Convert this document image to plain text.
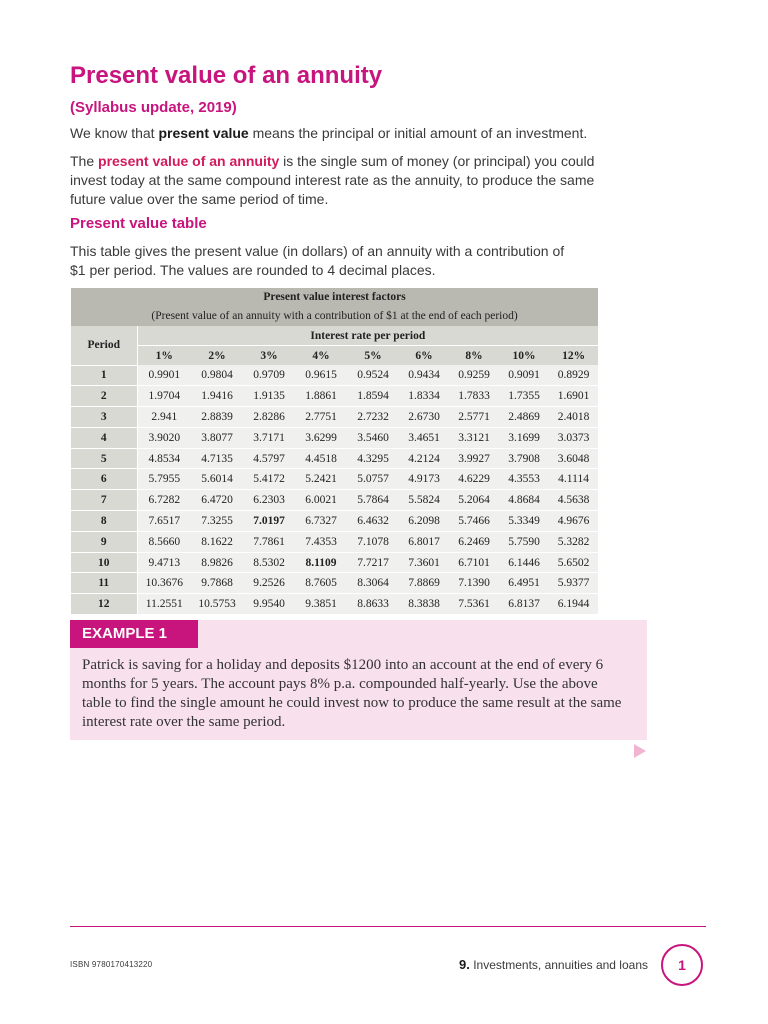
Present value of an annuity
(Syllabus update, 2019)

We know that present value means the principal or initial amount of an investment.

The present value of an annuity is the single sum of money (or principal) you could invest today at the same compound interest rate as the annuity, to produce the same future value over the same period of time.

Present value table

This table gives the present value (in dollars) of an annuity with a contribution of $1 per period. The values are rounded to 4 decimal places.

Present value interest factors									
(Present value of an annuity with a contribution of $1 at the end of each period)									
Period	Interest rate per period								
	1%	2%	3%	4%	5%	6%	8%	10%	12%
1	0.9901	0.9804	0.9709	0.9615	0.9524	0.9434	0.9259	0.9091	0.8929
2	1.9704	1.9416	1.9135	1.8861	1.8594	1.8334	1.7833	1.7355	1.6901
3	2.941	2.8839	2.8286	2.7751	2.7232	2.6730	2.5771	2.4869	2.4018
4	3.9020	3.8077	3.7171	3.6299	3.5460	3.4651	3.3121	3.1699	3.0373
5	4.8534	4.7135	4.5797	4.4518	4.3295	4.2124	3.9927	3.7908	3.6048
6	5.7955	5.6014	5.4172	5.2421	5.0757	4.9173	4.6229	4.3553	4.1114
7	6.7282	6.4720	6.2303	6.0021	5.7864	5.5824	5.2064	4.8684	4.5638
8	7.6517	7.3255	7.0197	6.7327	6.4632	6.2098	5.7466	5.3349	4.9676
9	8.5660	8.1622	7.7861	7.4353	7.1078	6.8017	6.2469	5.7590	5.3282
10	9.4713	8.9826	8.5302	8.1109	7.7217	7.3601	6.7101	6.1446	5.6502
11	10.3676	9.7868	9.2526	8.7605	8.3064	7.8869	7.1390	6.4951	5.9377
12	11.2551	10.5753	9.9540	9.3851	8.8633	8.3838	7.5361	6.8137	6.1944
EXAMPLE 1

Patrick is saving for a holiday and deposits $1200 into an account at the end of every 6 months for 5 years. The account pays 8% p.a. compounded half-yearly. Use the above table to find the single amount he could invest now to produce the same result at the same interest rate over the same period.

ISBN 9780170413220	9. Investments, annuities and loans	1
